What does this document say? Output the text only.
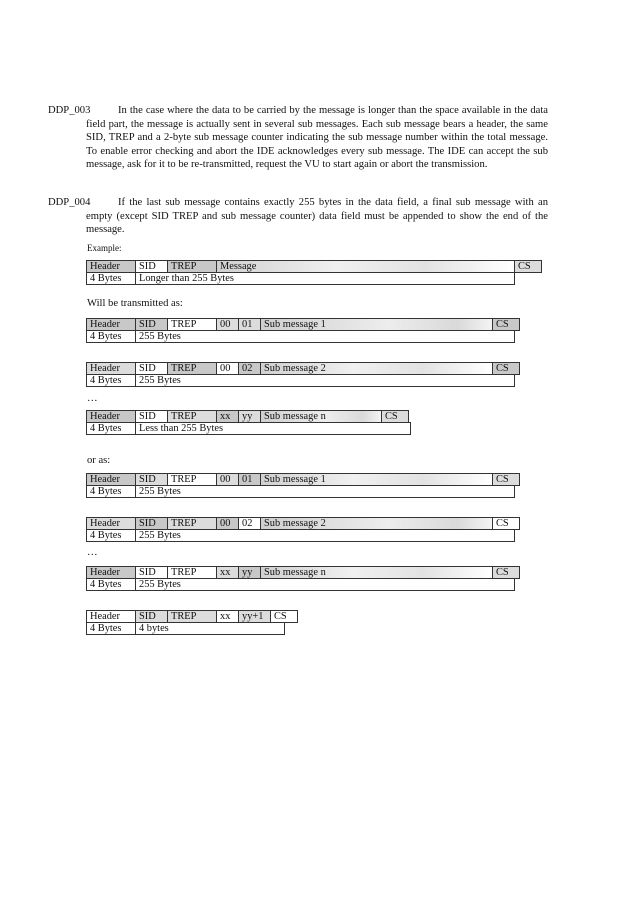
DDP_003	In the case where the data to be carried by the message is longer than the space available in the data field part, the message is actually sent in several sub messages. Each sub message bears a header, the same SID, TREP and a 2-byte sub message counter indicating the sub message number within the total message. To enable error checking and abort the IDE acknowledges every sub message. The IDE can accept the sub message, ask for it to be re-transmitted, request the VU to start again or abort the transmission.
DDP_004	If the last sub message contains exactly 255 bytes in the data field, a final sub message with an empty (except SID TREP and sub message counter) data field must be appended to show the end of the message.
Example:
Header	SID	TREP	Message	CS
4 Bytes	Longer than 255 Bytes
Will be transmitted as:
Header	SID	TREP	00	01	Sub message 1	CS
4 Bytes	255 Bytes
Header	SID	TREP	00	02	Sub message 2	CS
4 Bytes	255 Bytes
…
Header	SID	TREP	xx	yy	Sub message n	CS
4 Bytes	Less than 255 Bytes
or as:
Header	SID	TREP	00	01	Sub message 1	CS
4 Bytes	255 Bytes
Header	SID	TREP	00	02	Sub message 2	CS
4 Bytes	255 Bytes
…
Header	SID	TREP	xx	yy	Sub message n	CS
4 Bytes	255 Bytes
Header	SID	TREP	xx	yy+1	CS
4 Bytes	4 bytes
